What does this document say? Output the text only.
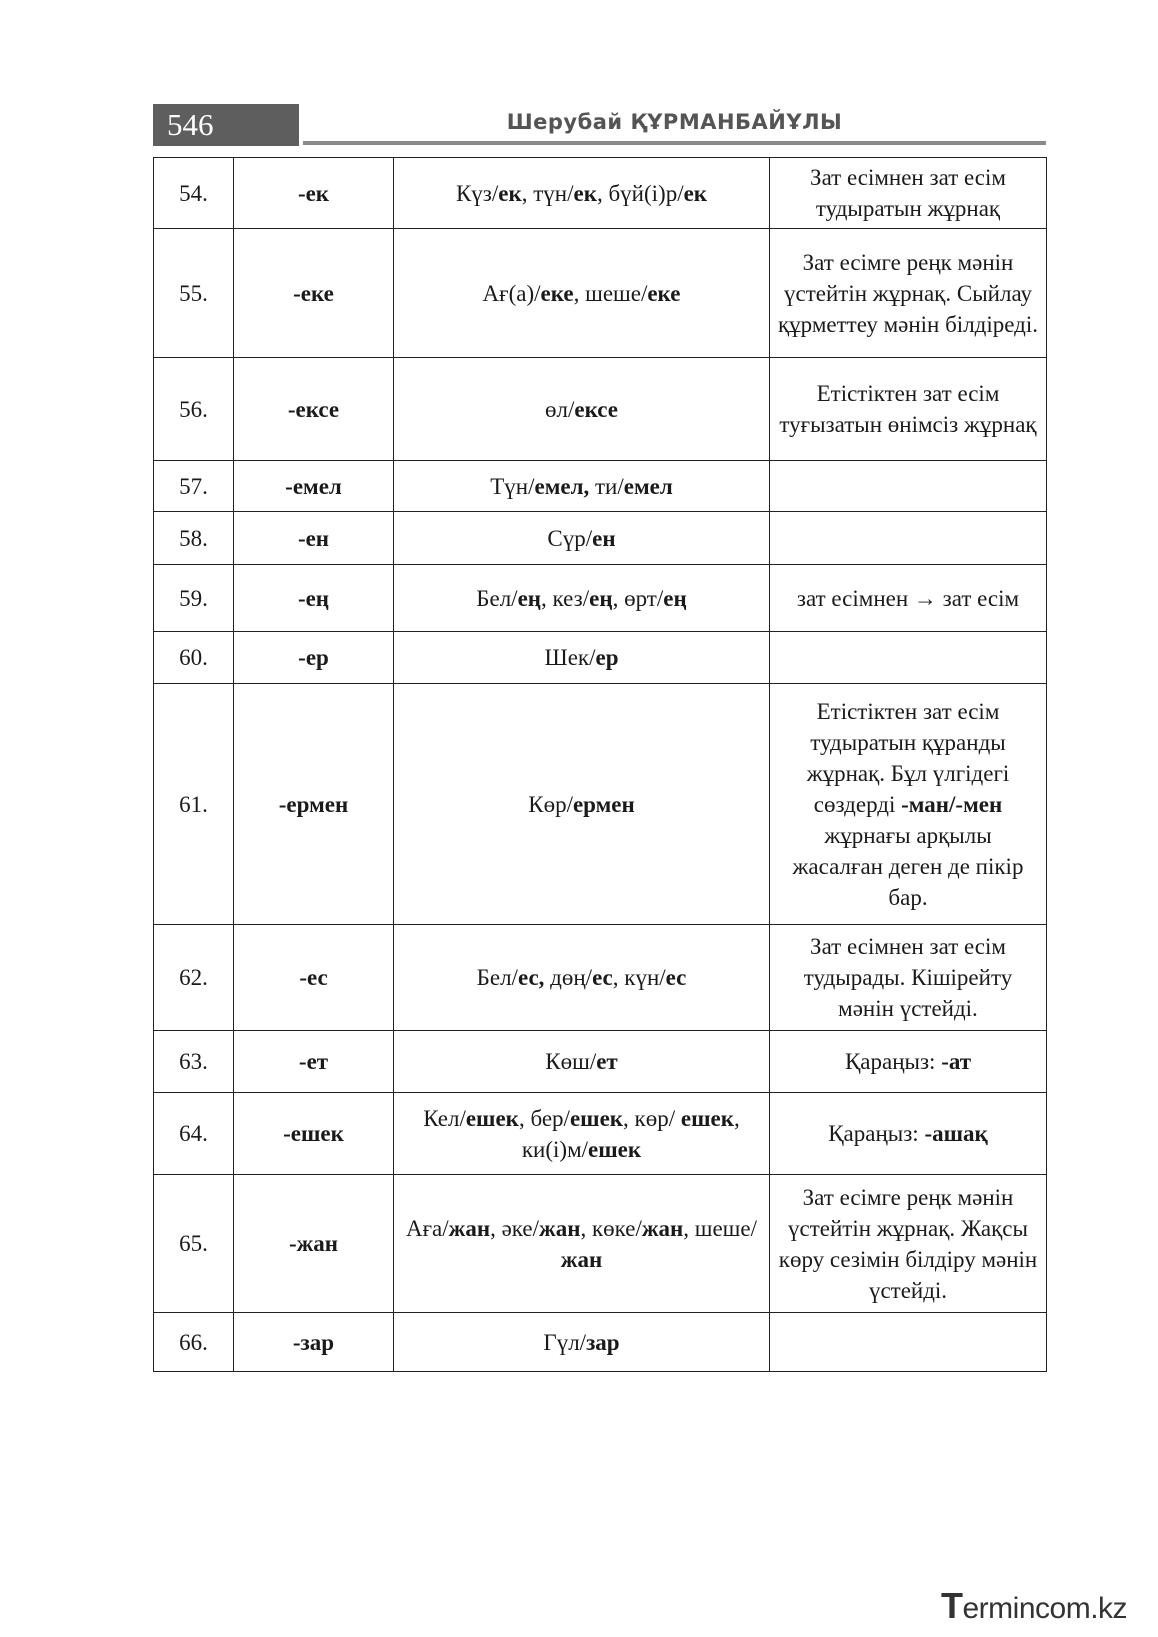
546	Шерубай ҚҰРМАНБАЙҰЛЫ
54.	-ек	Күз/ек, түн/ек, бүй(і)р/ек	Зат есімнен зат есім тудыратын жұрнақ
55.	-еке	Ағ(а)/еке, шеше/еке	Зат есімге реңк мәнін үстейтін жұрнақ. Сыйлау құрметтеу мәнін білдіреді.
56.	-ексе	өл/ексе	Етістіктен зат есім туғызатын өнімсіз жұрнақ
57.	-емел	Түн/емел, ти/емел	
58.	-ен	Сүр/ен	
59.	-ең	Бел/ең, кез/ең, өрт/ең	зат есімнен → зат есім
60.	-ер	Шек/ер	
61.	-ермен	Көр/ермен	Етістіктен зат есім тудыратын құранды жұрнақ. Бұл үлгідегі сөздерді -ман/-мен жұрнағы арқылы жасалған деген де пікір бар.
62.	-ес	Бел/ес, дөң/ес, күн/ес	Зат есімнен зат есім тудырады. Кішірейту мәнін үстейді.
63.	-ет	Көш/ет	Қараңыз: -ат
64.	-ешек	Кел/ешек, бер/ешек, көр/ ешек, ки(і)м/ешек	Қараңыз: -ашақ
65.	-жан	Аға/жан, әке/жан, көке/жан, шеше/жан	Зат есімге реңк мәнін үстейтін жұрнақ. Жақсы көру сезімін білдіру мәнін үстейді.
66.	-зар	Гүл/зар	
Termincom.kz
